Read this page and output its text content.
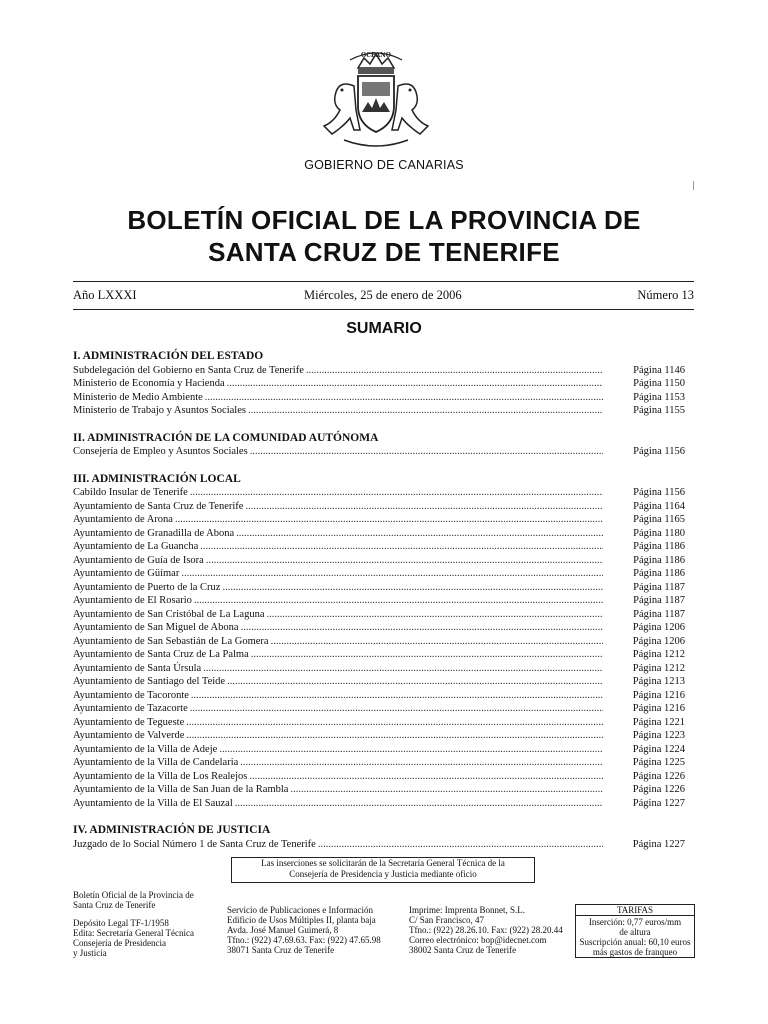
OCEANO
GOBIERNO DE CANARIAS
BOLETÍN OFICIAL DE LA PROVINCIA DE
SANTA CRUZ DE TENERIFE
Año LXXXI	Miércoles, 25 de enero de 2006	Número 13
SUMARIO
I. ADMINISTRACIÓN DEL ESTADO
Subdelegación del Gobierno en Santa Cruz de Tenerife .....	Página 1146
Ministerio de Economía y Hacienda .....	Página 1150
Ministerio de Medio Ambiente .....	Página 1153
Ministerio de Trabajo y Asuntos Sociales .....	Página 1155
II. ADMINISTRACIÓN DE LA COMUNIDAD AUTÓNOMA
Consejería de Empleo y Asuntos Sociales .....	Página 1156
III. ADMINISTRACIÓN LOCAL
Cabildo Insular de Tenerife .....	Página 1156
Ayuntamiento de Santa Cruz de Tenerife .....	Página 1164
Ayuntamiento de Arona .....	Página 1165
Ayuntamiento de Granadilla de Abona .....	Página 1180
Ayuntamiento de La Guancha .....	Página 1186
Ayuntamiento de Guía de Isora .....	Página 1186
Ayuntamiento de Güímar .....	Página 1186
Ayuntamiento de Puerto de la Cruz .....	Página 1187
Ayuntamiento de El Rosario .....	Página 1187
Ayuntamiento de San Cristóbal de La Laguna .....	Página 1187
Ayuntamiento de San Miguel de Abona .....	Página 1206
Ayuntamiento de San Sebastián de La Gomera .....	Página 1206
Ayuntamiento de Santa Cruz de La Palma .....	Página 1212
Ayuntamiento de Santa Úrsula .....	Página 1212
Ayuntamiento de Santiago del Teide .....	Página 1213
Ayuntamiento de Tacoronte .....	Página 1216
Ayuntamiento de Tazacorte .....	Página 1216
Ayuntamiento de Tegueste .....	Página 1221
Ayuntamiento de Valverde .....	Página 1223
Ayuntamiento de la Villa de Adeje .....	Página 1224
Ayuntamiento de la Villa de Candelaria .....	Página 1225
Ayuntamiento de la Villa de Los Realejos .....	Página 1226
Ayuntamiento de la Villa de San Juan de la Rambla .....	Página 1226
Ayuntamiento de la Villa de El Sauzal .....	Página 1227
IV. ADMINISTRACIÓN DE JUSTICIA
Juzgado de lo Social Número 1 de Santa Cruz de Tenerife .....	Página 1227
Las inserciones se solicitarán de la Secretaría General Técnica de la
Consejería de Presidencia y Justicia mediante oficio
Boletín Oficial de la Provincia de
Santa Cruz de Tenerife
Depósito Legal TF-1/1958
Edita: Secretaría General Técnica
Consejería de Presidencia
y Justicia
Servicio de Publicaciones e Información
Edificio de Usos Múltiples II, planta baja
Avda. José Manuel Guimerá, 8
Tfno.: (922) 47.69.63. Fax: (922) 47.65.98
38071 Santa Cruz de Tenerife
Imprime: Imprenta Bonnet, S.L.
C/ San Francisco, 47
Tfno.: (922) 28.26.10. Fax: (922) 28.20.44
Correo electrónico: bop@idecnet.com
38002 Santa Cruz de Tenerife
TARIFAS
Inserción: 0,77 euros/mm
de altura
Suscripción anual: 60,10 euros
más gastos de franqueo
